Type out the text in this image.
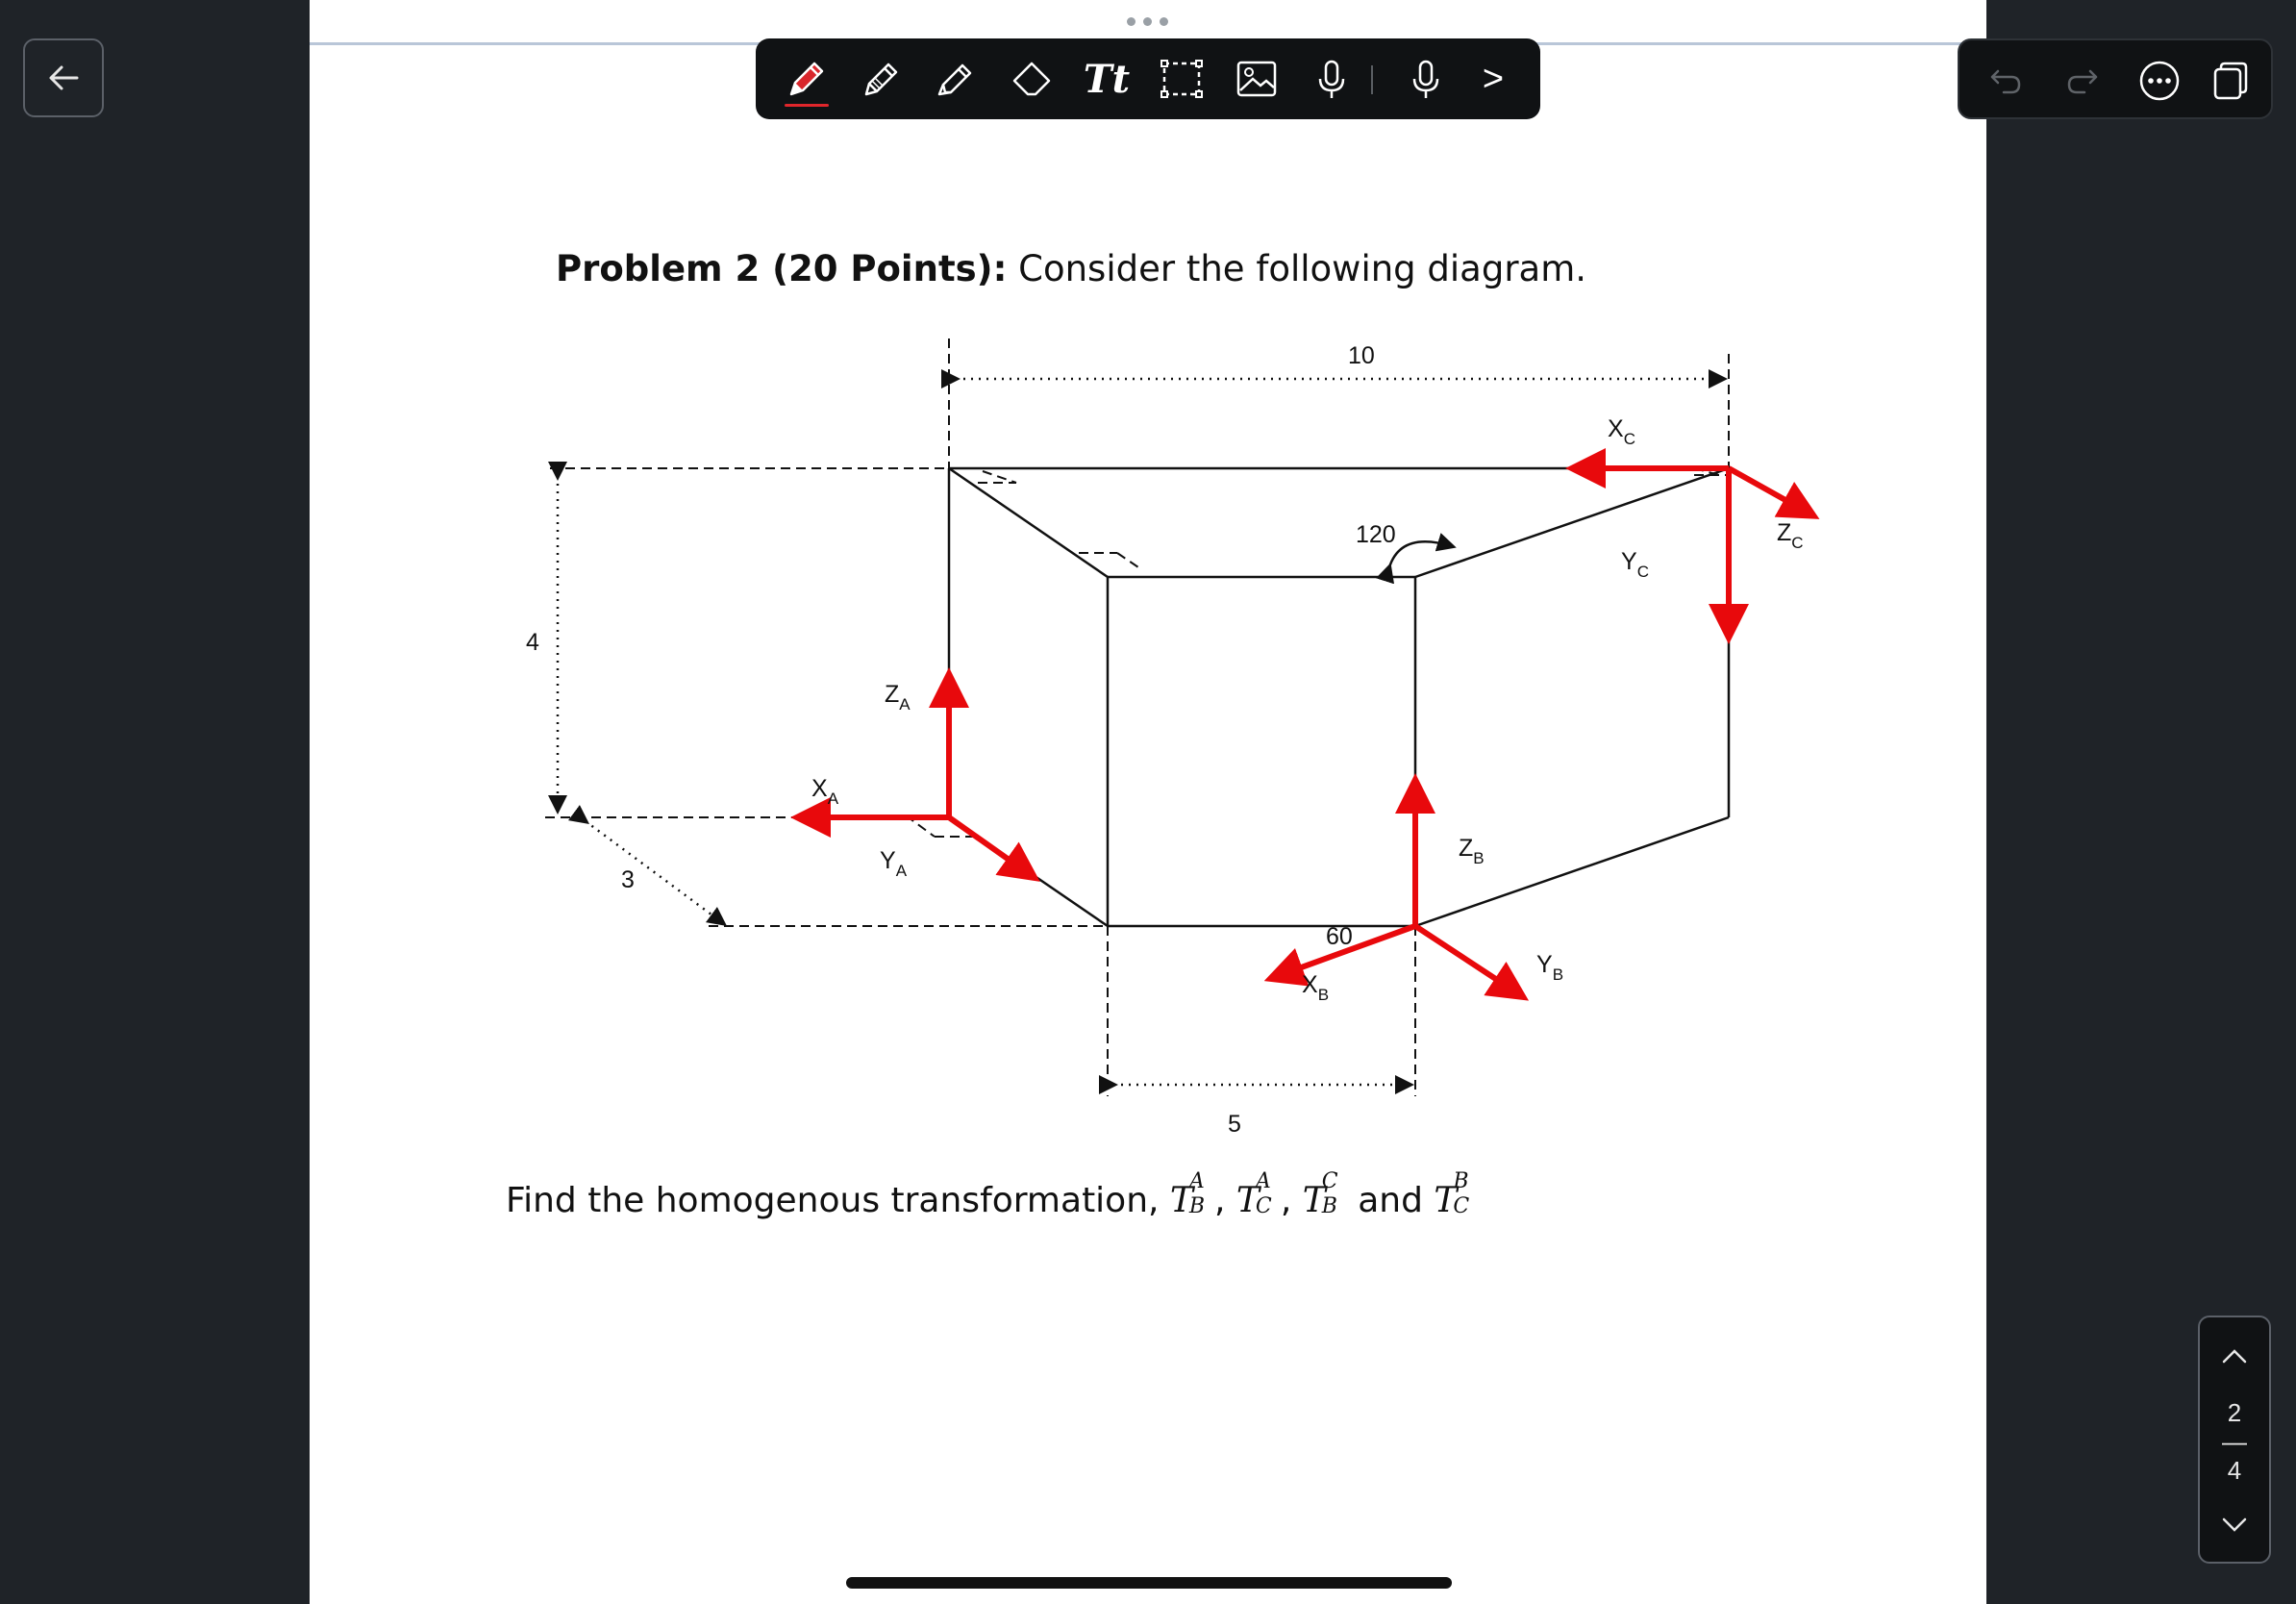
Tt	>
2
—
4
Problem 2 (20 Points): Consider the following diagram.
10
4
3
5
120
60
$Z_A$
$X_A$
$Y_A$
$Z_B$
$X_B$
$Y_B$
$X_C$
$Y_C$
$Z_C$
Find the homogenous transformation, T
A
B , T
A
C , T
C
B and T
B
C
